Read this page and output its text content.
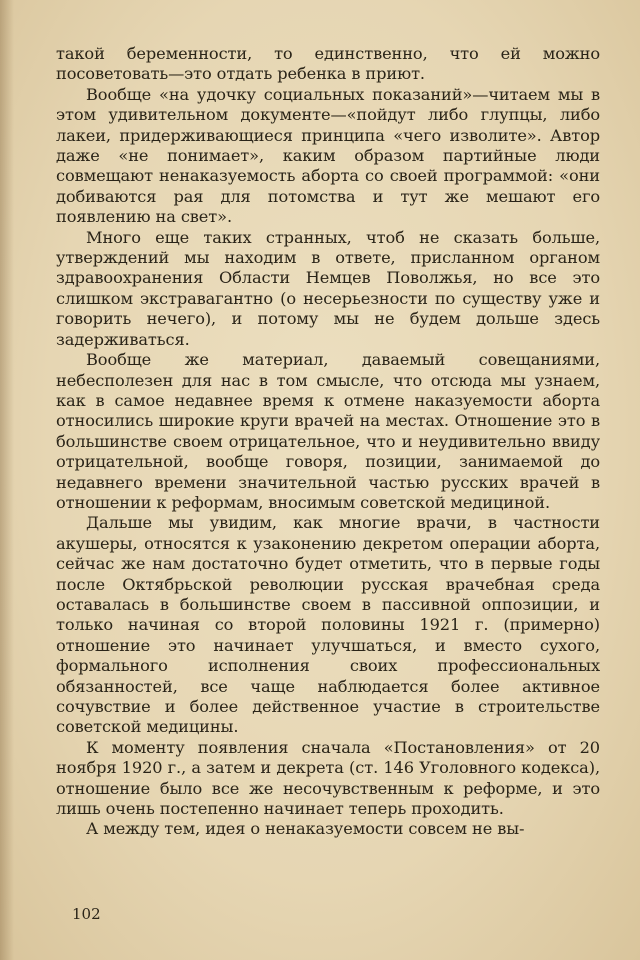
такой беременности, то единственно, что ей можно посоветовать—это отдать ребенка в приют.

Вообще «на удочку социальных показаний»—читаем мы в этом удивительном документе—«пойдут либо глупцы, либо лакеи, придерживающиеся принципа «чего изволите». Автор даже «не понимает», каким образом партийные люди совмещают ненаказуемость аборта со своей программой: «они добиваются рая для потомства и тут же мешают его появлению на свет».

Много еще таких странных, чтоб не сказать больше, утверждений мы находим в ответе, присланном органом здравоохранения Области Немцев Поволжья, но все это слишком экстравагантно (о несерьезности по существу уже и говорить нечего), и потому мы не будем дольше здесь задерживаться.

Вообще же материал, даваемый совещаниями, небесполезен для нас в том смысле, что отсюда мы узнаем, как в самое недавнее время к отмене наказуемости аборта относились широкие круги врачей на местах. Отношение это в большинстве своем отрицательное, что и неудивительно ввиду отрицательной, вообще говоря, позиции, занимаемой до недавнего времени значительной частью русских врачей в отношении к реформам, вносимым советской медициной.

Дальше мы увидим, как многие врачи, в частности акушеры, относятся к узаконению декретом операции аборта, сейчас же нам достаточно будет отметить, что в первые годы после Октябрьской революции русская врачебная среда оставалась в большинстве своем в пассивной оппозиции, и только начиная со второй половины 1921 г. (примерно) отношение это начинает улучшаться, и вместо сухого, формального исполнения своих профессиональных обязанностей, все чаще наблюдается более активное сочувствие и более действенное участие в строительстве советской медицины.

К моменту появления сначала «Постановления» от 20 ноября 1920 г., а затем и декрета (ст. 146 Уголовного кодекса), отношение было все же несочувственным к реформе, и это лишь очень постепенно начинает теперь проходить.

А между тем, идея о ненаказуемости совсем не вы-

102
